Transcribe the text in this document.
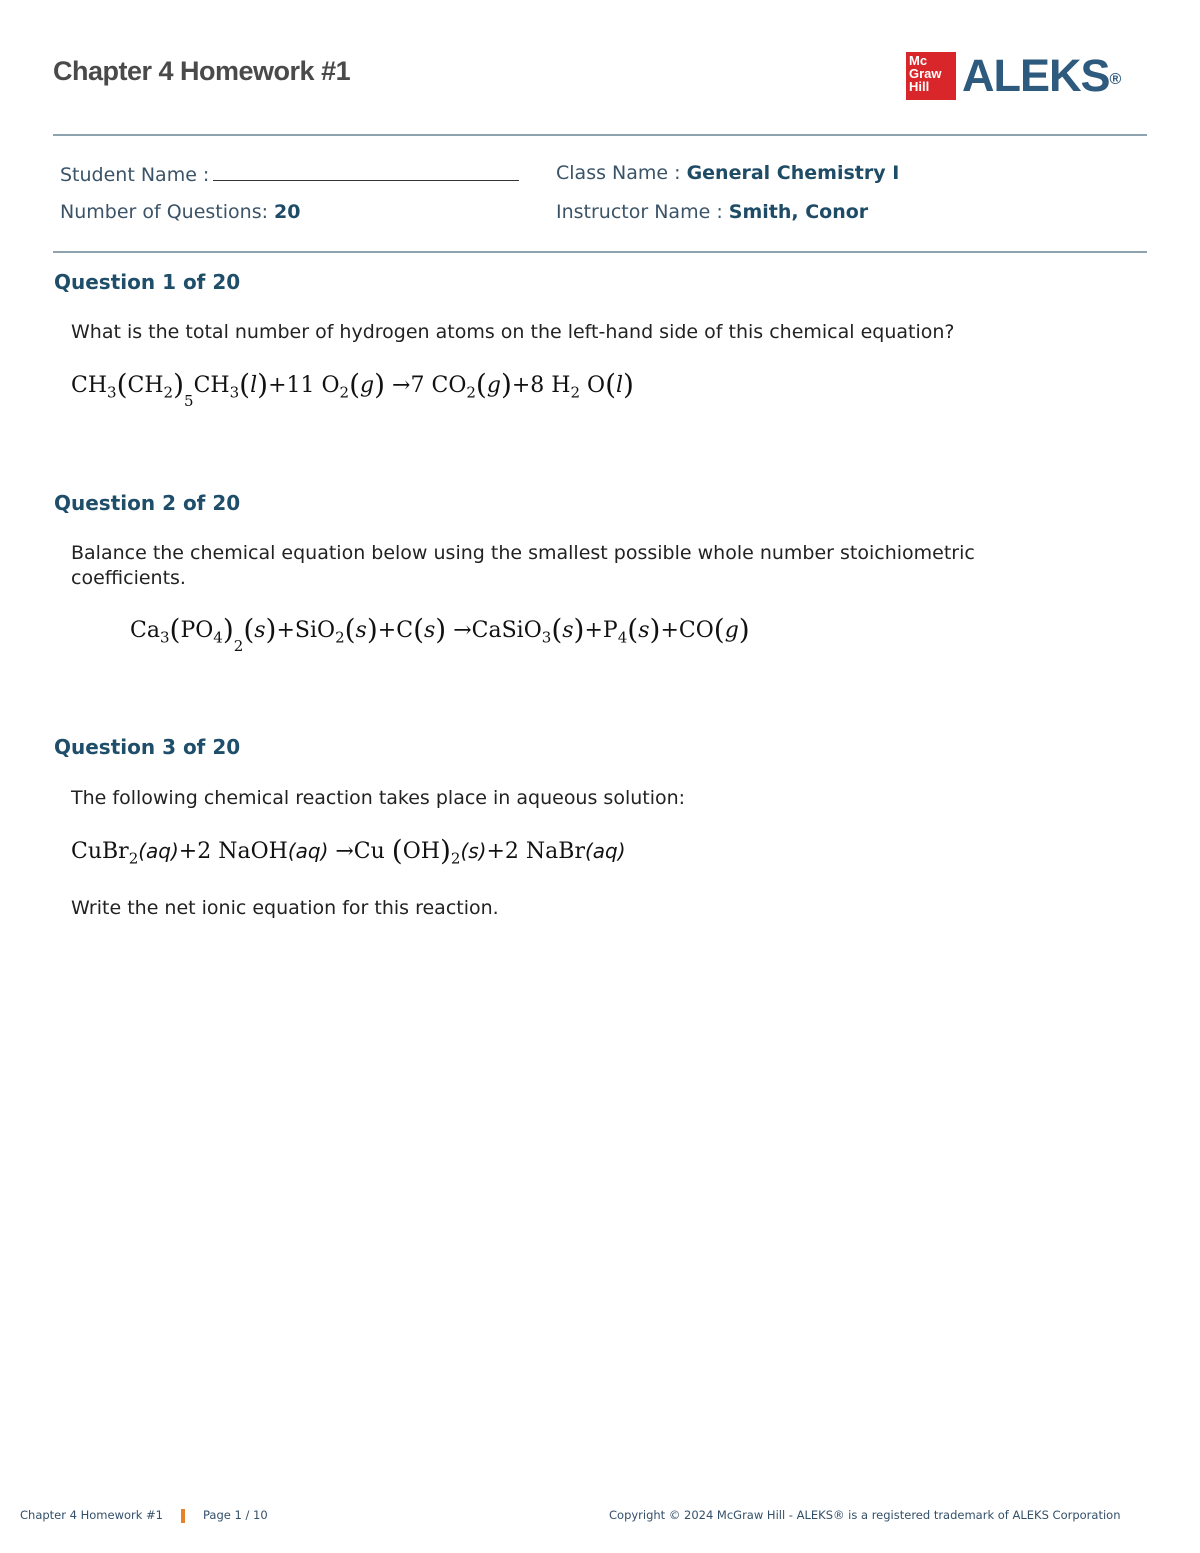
Chapter 4 Homework #1	Mc
Graw
Hill ALEKS®
Student Name :	Class Name : General Chemistry I
Number of Questions: 20	Instructor Name : Smith, Conor
Question 1 of 20
What is the total number of hydrogen atoms on the left-hand side of this chemical equation?
$CH_3(CH_2)_5CH_3(l)+11$ $O_2(g) \to 7$ $CO_2(g)+8$ $H_2$ O(l)
Question 2 of 20
Balance the chemical equation below using the smallest possible whole number stoichiometric coefficients.
$Ca_3(PO_4)_2(s)+SiO_2(s)+C(s)$ $\to CaSiO_3(s)+P_4(s)+CO(g)$
Question 3 of 20
The following chemical reaction takes place in aqueous solution:
CuBr$_2$(aq)+2 NaOH(aq) →Cu $(OH)_2(s)+2$ NaBr(aq)
Write the net ionic equation for this reaction.
Chapter 4 Homework #1	Page 1 / 10	Copyright © 2024 McGraw Hill - ALEKS® is a registered trademark of ALEKS Corporation
